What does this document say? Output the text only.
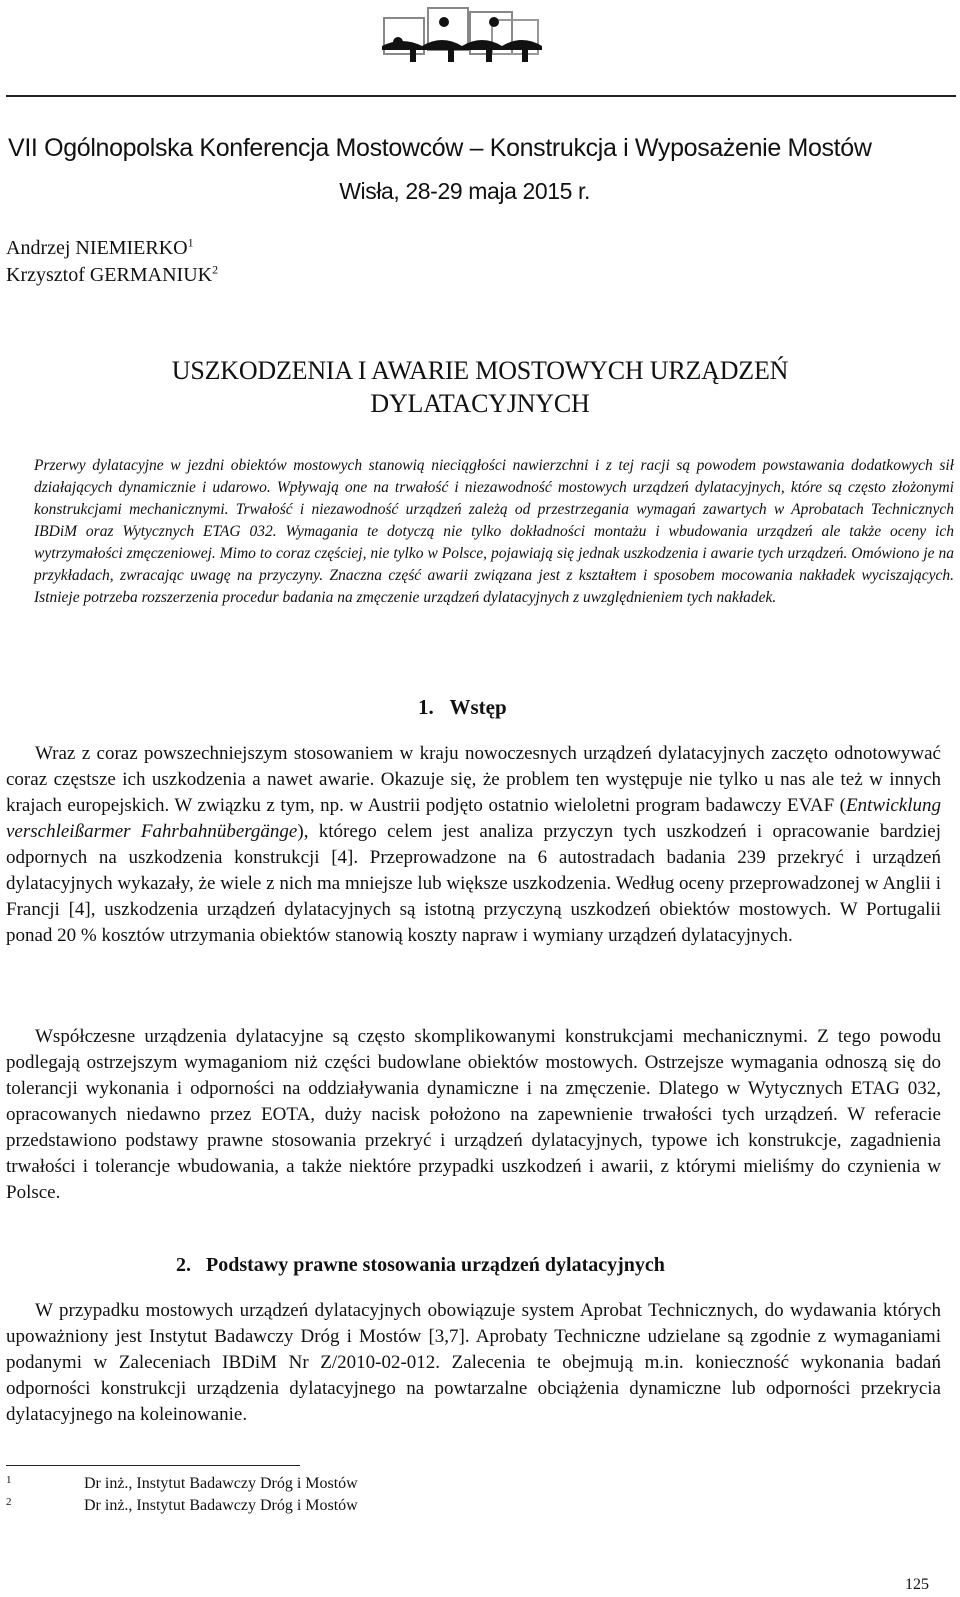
VII Ogólnopolska Konferencja Mostowców – Konstrukcja i Wyposażenie Mostów
Wisła, 28-29 maja 2015 r.
Andrzej NIEMIERKO$^1$
Krzysztof GERMANIUK$^2$
USZKODZENIA I AWARIE MOSTOWYCH URZĄDZEŃ
DYLATACYJNYCH

Przerwy dylatacyjne w jezdni obiektów mostowych stanowią nieciągłości nawierzchni i z tej racji są powodem powstawania dodatkowych sił działających dynamicznie i udarowo. Wpływają one na trwałość i niezawodność mostowych urządzeń dylatacyjnych, które są często złożonymi konstrukcjami mechanicznymi. Trwałość i niezawodność urządzeń zależą od przestrzegania wymagań zawartych w Aprobatach Technicznych IBDiM oraz Wytycznych ETAG 032. Wymagania te dotyczą nie tylko dokładności montażu i wbudowania urządzeń ale także oceny ich wytrzymałości zmęczeniowej. Mimo to coraz częściej, nie tylko w Polsce, pojawiają się jednak uszkodzenia i awarie tych urządzeń. Omówiono je na przykładach, zwracając uwagę na przyczyny. Znaczna część awarii związana jest z kształtem i sposobem mocowania nakładek wyciszających. Istnieje potrzeba rozszerzenia procedur badania na zmęczenie urządzeń dylatacyjnych z uwzględnieniem tych nakładek.

1. Wstęp

Wraz z coraz powszechniejszym stosowaniem w kraju nowoczesnych urządzeń dylatacyjnych zaczęto odnotowywać coraz częstsze ich uszkodzenia a nawet awarie. Okazuje się, że problem ten występuje nie tylko u nas ale też w innych krajach europejskich. W związku z tym, np. w Austrii podjęto ostatnio wieloletni program badawczy EVAF (Entwicklung verschleißarmer Fahrbahnübergänge), którego celem jest analiza przyczyn tych uszkodzeń i opracowanie bardziej odpornych na uszkodzenia konstrukcji [4]. Przeprowadzone na 6 autostradach badania 239 przekryć i urządzeń dylatacyjnych wykazały, że wiele z nich ma mniejsze lub większe uszkodzenia. Według oceny przeprowadzonej w Anglii i Francji [4], uszkodzenia urządzeń dylatacyjnych są istotną przyczyną uszkodzeń obiektów mostowych. W Portugalii ponad 20 % kosztów utrzymania obiektów stanowią koszty napraw i wymiany urządzeń dylatacyjnych.

Współczesne urządzenia dylatacyjne są często skomplikowanymi konstrukcjami mechanicznymi. Z tego powodu podlegają ostrzejszym wymaganiom niż części budowlane obiektów mostowych. Ostrzejsze wymagania odnoszą się do tolerancji wykonania i odporności na oddziaływania dynamiczne i na zmęczenie. Dlatego w Wytycznych ETAG 032, opracowanych niedawno przez EOTA, duży nacisk położono na zapewnienie trwałości tych urządzeń. W referacie przedstawiono podstawy prawne stosowania przekryć i urządzeń dylatacyjnych, typowe ich konstrukcje, zagadnienia trwałości i tolerancje wbudowania, a także niektóre przypadki uszkodzeń i awarii, z którymi mieliśmy do czynienia w Polsce.

2. Podstawy prawne stosowania urządzeń dylatacyjnych

W przypadku mostowych urządzeń dylatacyjnych obowiązuje system Aprobat Technicznych, do wydawania których upoważniony jest Instytut Badawczy Dróg i Mostów [3,7]. Aprobaty Techniczne udzielane są zgodnie z wymaganiami podanymi w Zaleceniach IBDiM Nr Z/2010-02-012. Zalecenia te obejmują m.in. konieczność wykonania badań odporności konstrukcji urządzenia dylatacyjnego na powtarzalne obciążenia dynamiczne lub odporności przekrycia dylatacyjnego na koleinowanie.

1	Dr inż., Instytut Badawczy Dróg i Mostów
2	Dr inż., Instytut Badawczy Dróg i Mostów
125
